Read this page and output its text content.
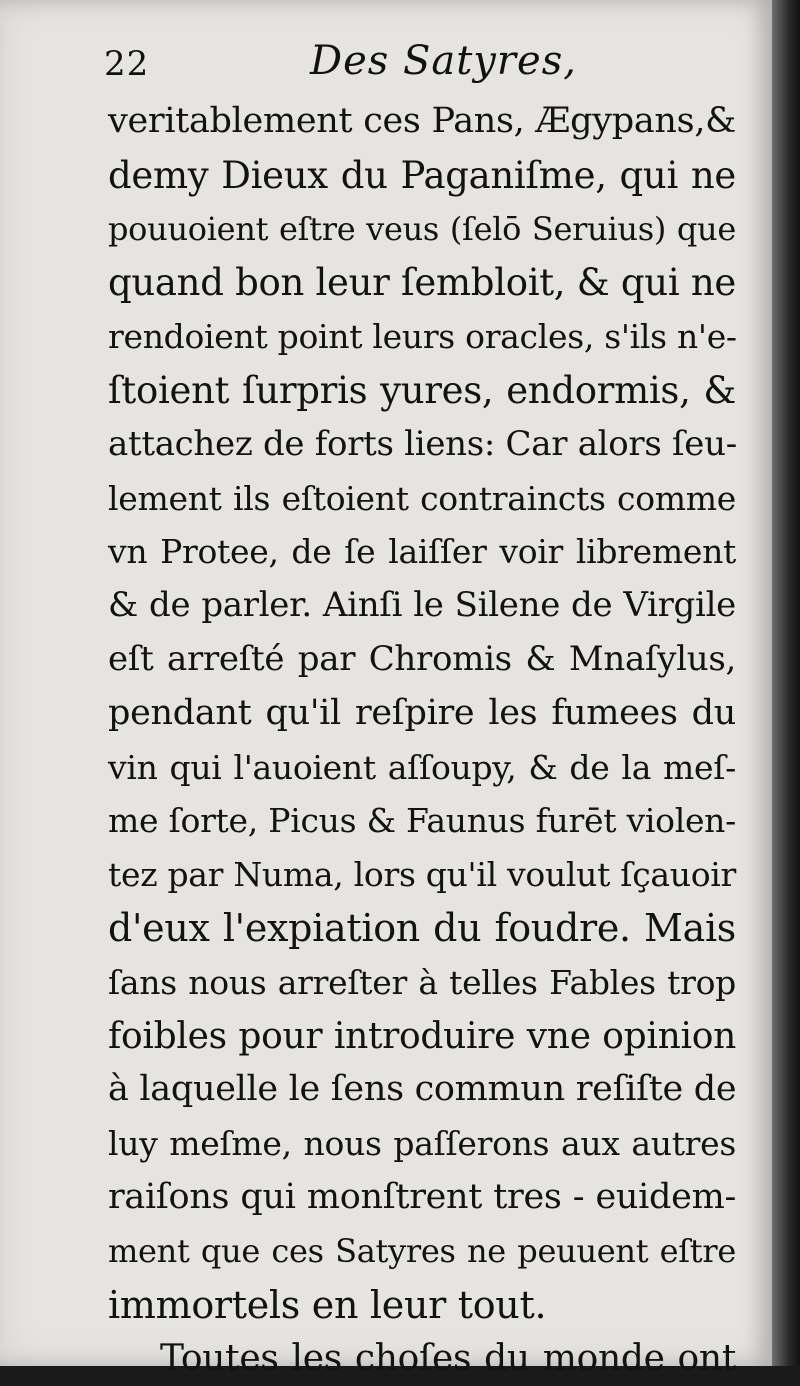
22	Des Satyres,
veritablement ces Pans, Ægypans,&
demy Dieux du Paganiſme, qui ne
pouuoient eſtre veus (ſelō Seruius) que
quand bon leur ſembloit, & qui ne
rendoient point leurs oracles, s'ils n'e-
ſtoient ſurpris yures, endormis, &
attachez de forts liens: Car alors ſeu-
lement ils eſtoient contraincts comme
vn Protee, de ſe laiſſer voir librement
& de parler. Ainſi le Silene de Virgile
eſt arreſté par Chromis & Mnaſylus,
pendant qu'il reſpire les fumees du
vin qui l'auoient aſſoupy, & de la meſ-
me ſorte, Picus & Faunus furēt violen-
tez par Numa, lors qu'il voulut ſçauoir
d'eux l'expiation du foudre. Mais
ſans nous arreſter à telles Fables trop
foibles pour introduire vne opinion
à laquelle le ſens commun reſiſte de
luy meſme, nous paſſerons aux autres
raiſons qui monſtrent tres - euidem-
ment que ces Satyres ne peuuent eſtre
immortels en leur tout.
Toutes les choſes du monde ont
